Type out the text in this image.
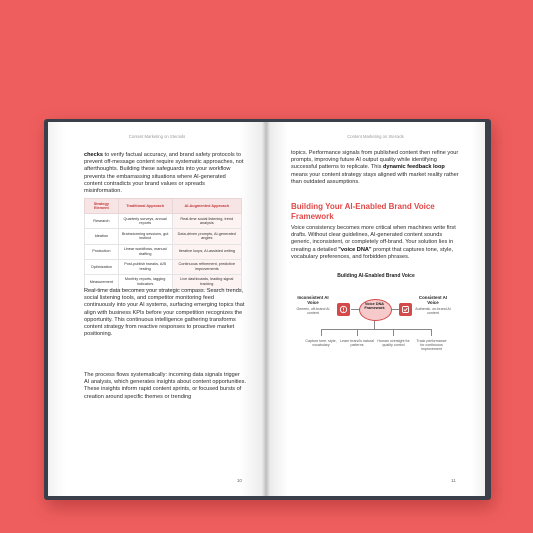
Content Marketing on Steroids
checks to verify factual accuracy, and brand safety protocols to prevent off-message content require systematic approaches, not afterthoughts. Building these safeguards into your workflow prevents the embarrassing situations where AI-generated content contradicts your brand values or spreads misinformation.
Strategy Element	Traditional Approach	AI-Augmented Approach
Research	Quarterly surveys, annual reports	Real-time social listening, trend analysis
Ideation	Brainstorming sessions, gut instinct	Data-driven prompts, AI-generated angles
Production	Linear workflows, manual drafting	Iterative loops, AI-assisted writing
Optimization	Post-publish tweaks, A/B testing	Continuous refinement, predictive improvements
Measurement	Monthly reports, lagging indicators	Live dashboards, leading signal tracking
Real-time data becomes your strategic compass. Search trends, social listening tools, and competitor monitoring feed continuously into your AI systems, surfacing emerging topics that align with business KPIs before your competition recognizes the opportunity. This continuous intelligence gathering transforms content strategy from reactive responses to proactive market positioning.
The process flows systematically: incoming data signals trigger AI analysis, which generates insights about content opportunities. These insights inform rapid content sprints, or focused bursts of creation around specific themes or trending
10
Content Marketing on Steroids
topics. Performance signals from published content then refine your prompts, improving future AI output quality while identifying successful patterns to replicate. This dynamic feedback loop means your content strategy stays aligned with market reality rather than outdated assumptions.
Building Your AI-Enabled Brand Voice Framework
Voice consistency becomes more critical when machines write first drafts. Without clear guidelines, AI-generated content sounds generic, inconsistent, or completely off-brand. Your solution lies in creating a detailed "voice DNA" prompt that captures tone, style, vocabulary preferences, and forbidden phrases.
Building AI-Enabled Brand Voice
Inconsistent AI Voice
Generic, off-brand AI content
Voice DNA Framework
Consistent AI Voice
Authentic, on-brand AI content
Capture tone, style, vocabulary
Learn brand's natural patterns
Human oversight for quality control
Track performance for continuous improvement
11
